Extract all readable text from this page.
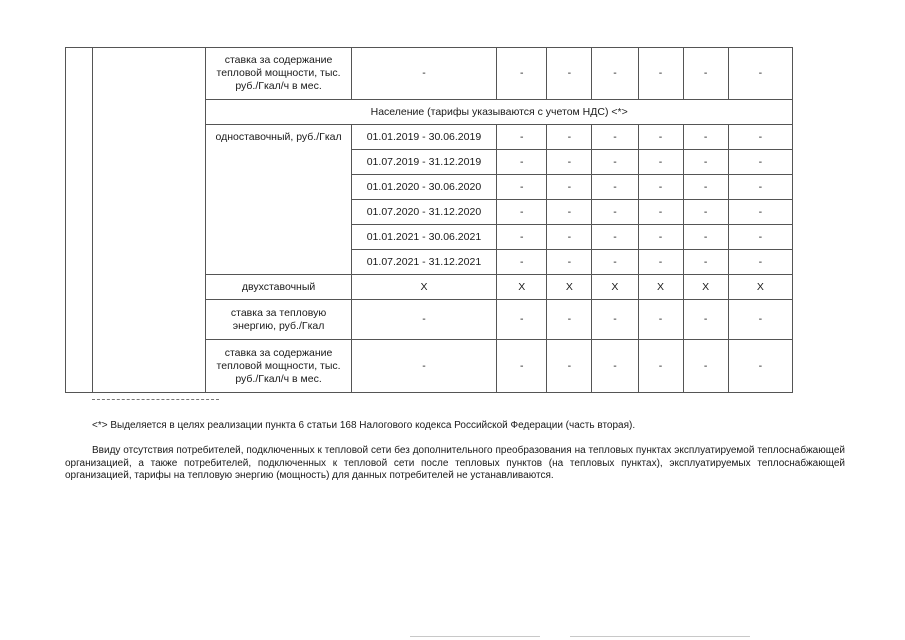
		ставка за содержание тепловой мощности, тыс. руб./Гкал/ч в мес.	-	-	-	-	-	-	-
		Население (тарифы указываются с учетом НДС) <*>							
		одноставочный, руб./Гкал	01.01.2019 - 30.06.2019	-	-	-	-	-	-
			01.07.2019 - 31.12.2019	-	-	-	-	-	-
			01.01.2020 - 30.06.2020	-	-	-	-	-	-
			01.07.2020 - 31.12.2020	-	-	-	-	-	-
			01.01.2021 - 30.06.2021	-	-	-	-	-	-
			01.07.2021 - 31.12.2021	-	-	-	-	-	-
		двухставочный	X	X	X	X	X	X	X
		ставка за тепловую энергию, руб./Гкал	-	-	-	-	-	-	-
		ставка за содержание тепловой мощности, тыс. руб./Гкал/ч в мес.	-	-	-	-	-	-	-

<*> Выделяется в целях реализации пункта 6 статьи 168 Налогового кодекса Российской Федерации (часть вторая).

Ввиду отсутствия потребителей, подключенных к тепловой сети без дополнительного преобразования на тепловых пунктах эксплуатируемой теплоснабжающей организацией, а также потребителей, подключенных к тепловой сети после тепловых пунктов (на тепловых пунктах), эксплуатируемых теплоснабжающей организацией, тарифы на тепловую энергию (мощность) для данных потребителей не устанавливаются.
